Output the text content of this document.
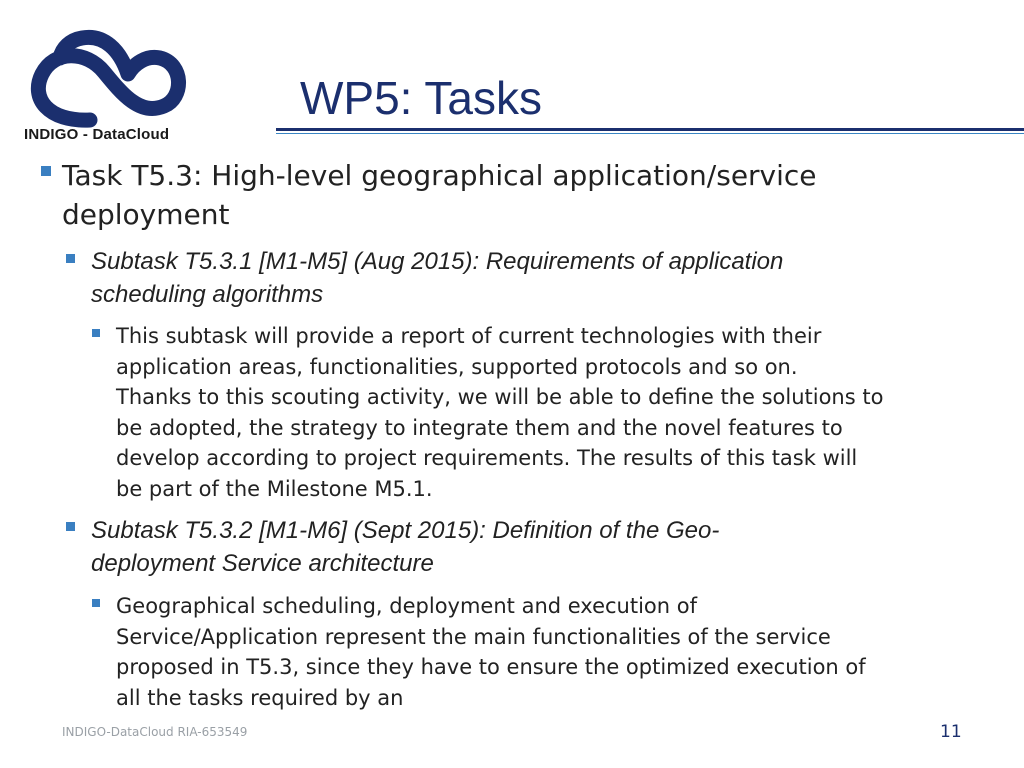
INDIGO - DataCloud
WP5: Tasks
Task T5.3: High-level geographical application/service
deployment
Subtask T5.3.1 [M1-M5] (Aug 2015): Requirements of application
scheduling algorithms
This subtask will provide a report of current technologies with their
application areas, functionalities, supported protocols and so on.
Thanks to this scouting activity, we will be able to define the solutions to
be adopted, the strategy to integrate them and the novel features to
develop according to project requirements. The results of this task will
be part of the Milestone M5.1.
Subtask T5.3.2 [M1-M6] (Sept 2015): Definition of the Geo-
deployment Service architecture
Geographical scheduling, deployment and execution of
Service/Application represent the main functionalities of the service
proposed in T5.3, since they have to ensure the optimized execution of
all the tasks required by an
INDIGO-DataCloud RIA-653549	11
